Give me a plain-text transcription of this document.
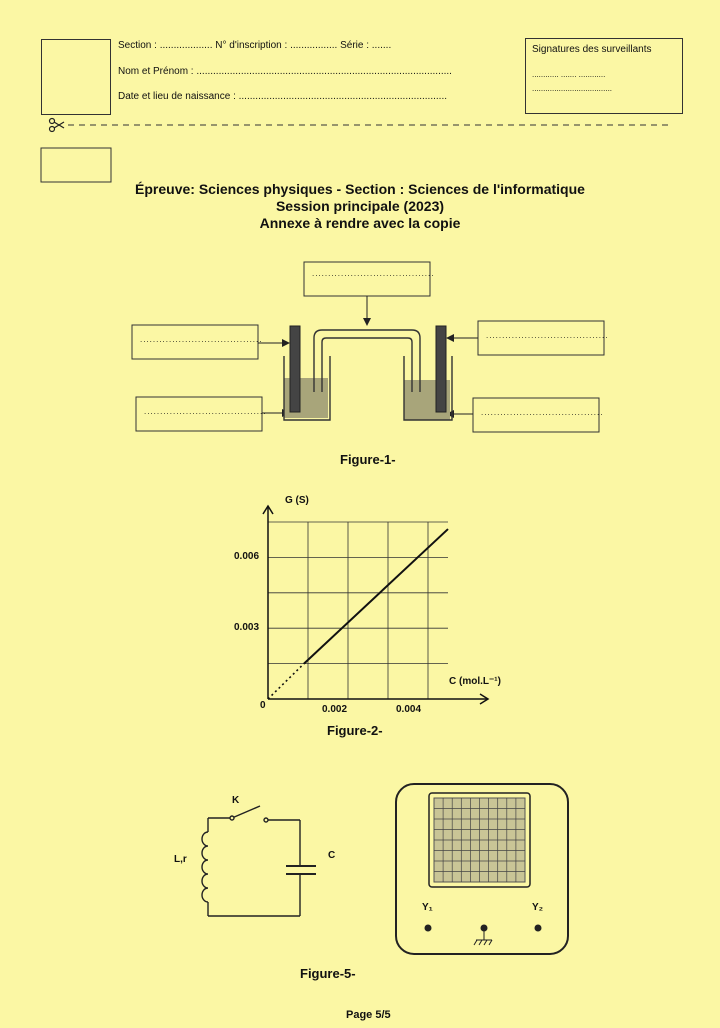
Section : ................... N° d'inscription : ................. Série : .......
Nom et Prénom : ............................................................................................
Date et lieu de naissance : ...........................................................................
Signatures des surveillants
............ ....... ............
....................................
......................................
......................................	......................................
......................................	......................................
Épreuve: Sciences physiques - Section : Sciences de l'informatique
Session principale (2023)
Annexe à rendre avec la copie
Figure-1-
G (S)
C (mol.L⁻¹)
0
0.006
0.003
0.002	0.004
Figure-2-
K
L,r	C
Y₁	Y₂
Figure-5-
Page 5/5
